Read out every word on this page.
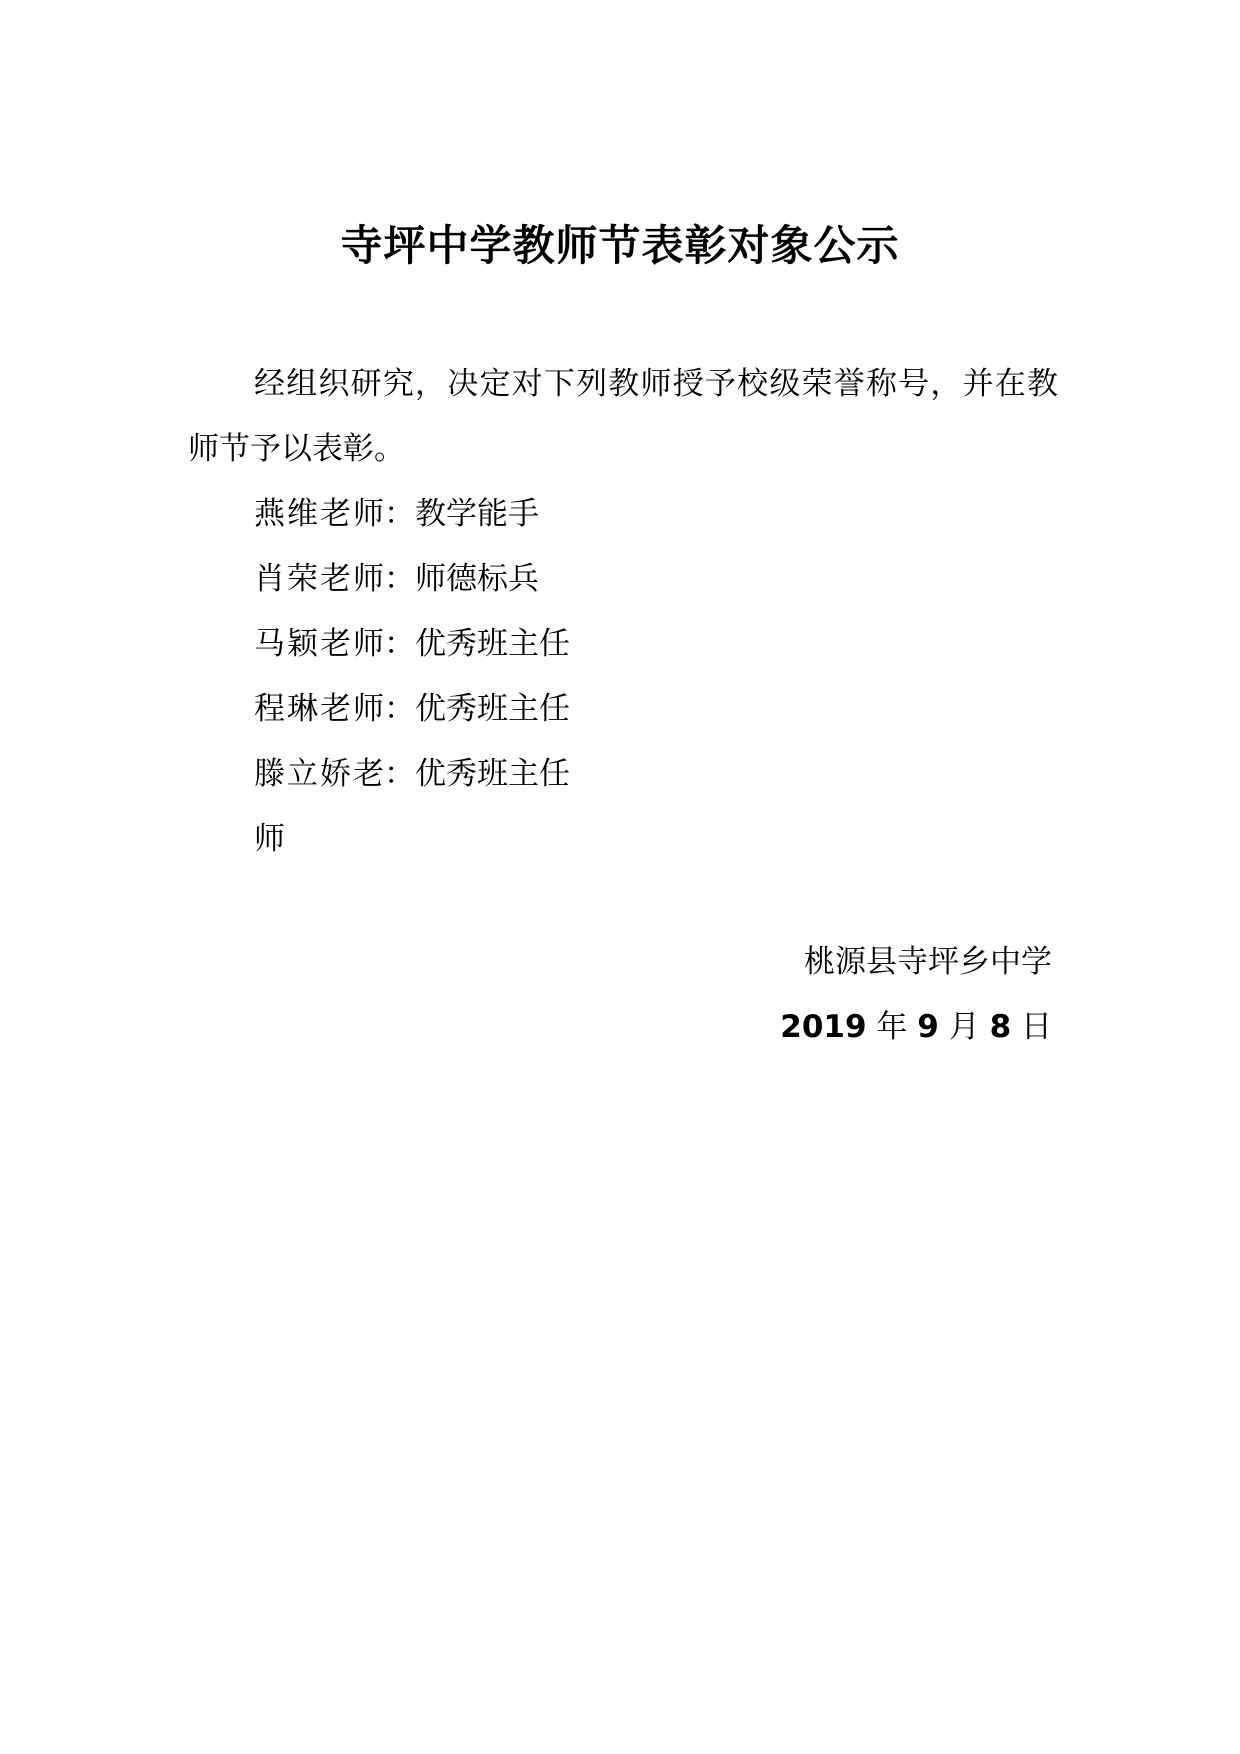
寺坪中学教师节表彰对象公示

经组织研究，决定对下列教师授予校级荣誉称号，并在教师节予以表彰。

燕维老师 ： 教学能手
肖荣老师 ： 师德标兵
马颖老师 ： 优秀班主任
程琳老师 ： 优秀班主任
滕立娇老师
： 优秀班主任
桃源县寺坪乡中学
2019 年 9 月 8 日
